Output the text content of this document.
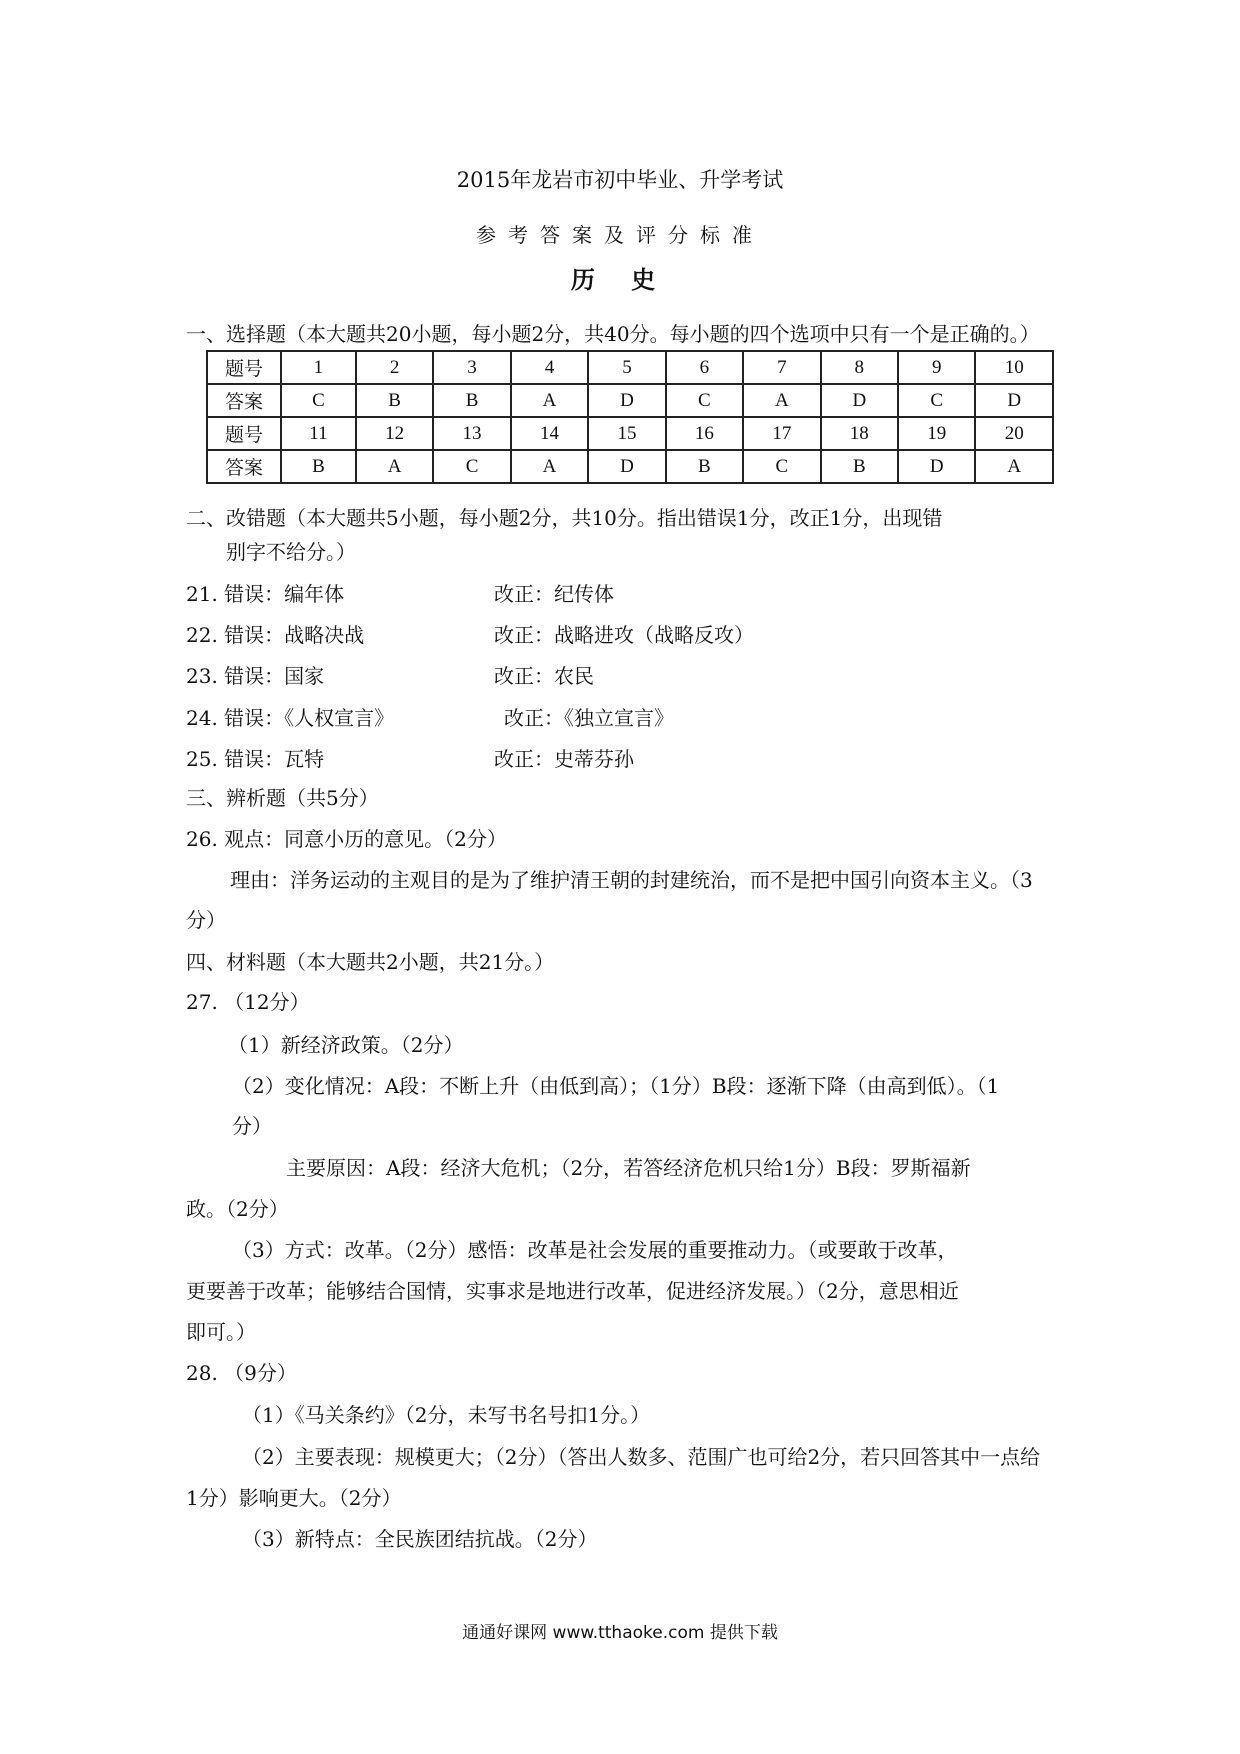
2015年龙岩市初中毕业、升学考试
参考答案及评分标准
历 史
一、选择题（本大题共20小题，每小题2分，共40分。每小题的四个选项中只有一个是正确的。）
题号	1	2	3	4	5	6	7	8	9	10
答案	C	B	B	A	D	C	A	D	C	D
题号	11	12	13	14	15	16	17	18	19	20
答案	B	A	C	A	D	B	C	B	D	A
二、改错题（本大题共5小题，每小题2分，共10分。指出错误1分，改正1分，出现错
别字不给分。）
21. 错误：编年体	改正：纪传体
22. 错误：战略决战	改正：战略进攻（战略反攻）
23. 错误：国家	改正：农民
24. 错误：《人权宣言》	改正：《独立宣言》
25. 错误：瓦特	改正：史蒂芬孙
三、辨析题（共5分）
26. 观点：同意小历的意见。（2分）
理由：洋务运动的主观目的是为了维护清王朝的封建统治，而不是把中国引向资本主义。（3
分）
四、材料题（本大题共2小题，共21分。）
27. （12分）
（1）新经济政策。（2分）
（2）变化情况：A段：不断上升（由低到高）；（1分）B段：逐渐下降（由高到低）。（1
分）
主要原因：A段：经济大危机；（2分，若答经济危机只给1分）B段：罗斯福新
政。（2分）
（3）方式：改革。（2分）感悟：改革是社会发展的重要推动力。（或要敢于改革，
更要善于改革；能够结合国情，实事求是地进行改革，促进经济发展。）（2分，意思相近
即可。）
28. （9分）
（1）《马关条约》（2分，未写书名号扣1分。）
（2）主要表现：规模更大；（2分）（答出人数多、范围广也可给2分，若只回答其中一点给
1分）影响更大。（2分）
（3）新特点：全民族团结抗战。（2分）
通通好课网 www.tthaoke.com 提供下载
